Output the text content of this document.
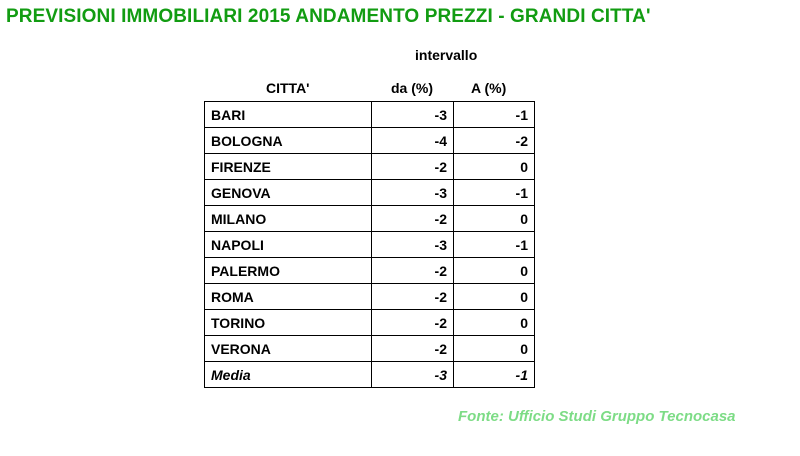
PREVISIONI IMMOBILIARI 2015 ANDAMENTO PREZZI - GRANDI CITTA'
intervallo
CITTA'	da (%)	A (%)
BARI	-3	-1
BOLOGNA	-4	-2
FIRENZE	-2	0
GENOVA	-3	-1
MILANO	-2	0
NAPOLI	-3	-1
PALERMO	-2	0
ROMA	-2	0
TORINO	-2	0
VERONA	-2	0
Media	-3	-1
Fonte: Ufficio Studi Gruppo Tecnocasa
